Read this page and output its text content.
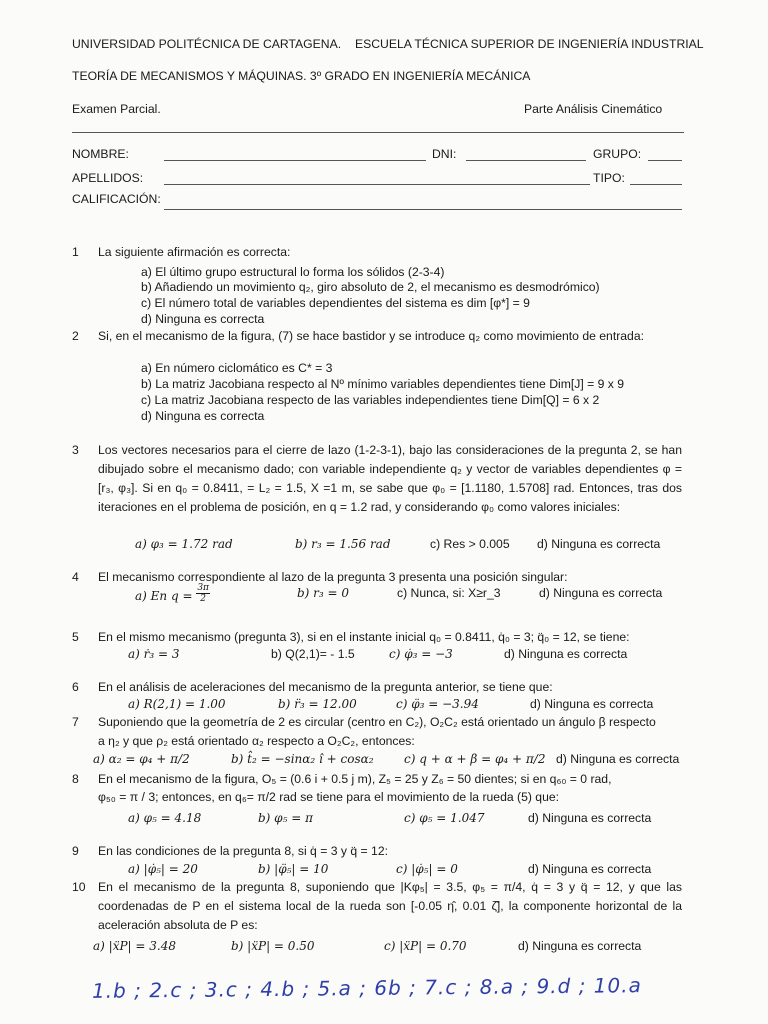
UNIVERSIDAD POLITÉCNICA DE CARTAGENA. ESCUELA TÉCNICA SUPERIOR DE INGENIERÍA INDUSTRIAL
TEORÍA DE MECANISMOS Y MÁQUINAS. 3º GRADO EN INGENIERÍA MECÁNICA
Examen Parcial.	Parte Análisis Cinemático
NOMBRE:	DNI:	GRUPO:
APELLIDOS:	TIPO:
CALIFICACIÓN:
1 La siguiente afirmación es correcta:
a) El último grupo estructural lo forma los sólidos (2-3-4)
b) Añadiendo un movimiento q₂, giro absoluto de 2, el mecanismo es desmodrómico)
c) El número total de variables dependientes del sistema es dim [φ*] = 9
d) Ninguna es correcta
2 Si, en el mecanismo de la figura, (7) se hace bastidor y se introduce q₂ como movimiento de entrada:
a) En número ciclomático es C* = 3
b) La matriz Jacobiana respecto al Nº mínimo variables dependientes tiene Dim[J] = 9 x 9
c) La matriz Jacobiana respecto de las variables independientes tiene Dim[Q] = 6 x 2
d) Ninguna es correcta
3 Los vectores necesarios para el cierre de lazo (1-2-3-1), bajo las consideraciones de la pregunta 2, se han dibujado sobre el mecanismo dado; con variable independiente q₂ y vector de variables dependientes φ = [r₃, φ₃]. Si en q₀ = 0.8411, = L₂ = 1.5, X =1 m, se sabe que φ₀ = [1.1180, 1.5708] rad. Entonces, tras dos iteraciones en el problema de posición, en q = 1.2 rad, y considerando φ₀ como valores iniciales:
a) φ₃ = 1.72 rad	b) r₃ = 1.56 rad	c) Res > 0.005 d) Ninguna es correcta
4 El mecanismo correspondiente al lazo de la pregunta 3 presenta una posición singular:
a) En $q = \frac{3\pi}{2}$	b) r₃ = 0	c) Nunca, si: X≥r_3	d) Ninguna es correcta
5 En el mismo mecanismo (pregunta 3), si en el instante inicial q₀ = 0.8411, q̇₀ = 3; q̈₀ = 12, se tiene:
a) ṙ₃ = 3	b) Q(2,1)= - 1.5	c) φ̇₃ = −3	d) Ninguna es correcta
6 En el análisis de aceleraciones del mecanismo de la pregunta anterior, se tiene que:
a) R(2,1) = 1.00	b) r̈₃ = 12.00	c) φ̈₃ = −3.94	d) Ninguna es correcta
7 Suponiendo que la geometría de 2 es circular (centro en C₂), O₂C₂ está orientado un ángulo β respecto
a η₂ y que ρ₂ está orientado α₂ respecto a O₂C₂, entonces:
a) α₂ = φ₄ + π/2	b) t̂₂ = −sinα₂ î + cosα₂	c) q + α + β = φ₄ + π/2 d) Ninguna es correcta
8 En el mecanismo de la figura, O₅ = (0.6 i + 0.5 j m), Z₅ = 25 y Z₆ = 50 dientes; si en q₆₀ = 0 rad,
φ₅₀ = π / 3; entonces, en q₆= π/2 rad se tiene para el movimiento de la rueda (5) que:
a) φ₅ = 4.18	b) φ₅ = π	c) φ₅ = 1.047	d) Ninguna es correcta
9 En las condiciones de la pregunta 8, si q̇ = 3 y q̈ = 12:
a) |φ̇₅| = 20	b) |φ̈₅| = 10	c) |φ̇₅| = 0	d) Ninguna es correcta
10 En el mecanismo de la pregunta 8, suponiendo que |Kφ₅| = 3.5, φ₅ = π/4, q̇ = 3 y q̈ = 12, y que las coordenadas de P en el sistema local de la rueda son [-0.05 η̂, 0.01 ζ̂], la componente horizontal de la aceleración absoluta de P es:
a) |ẍP| = 3.48	b) |ẍP| = 0.50	c) |ẍP| = 0.70	d) Ninguna es correcta
1.b ; 2.c ; 3.c ; 4.b ; 5.a ; 6b ; 7.c ; 8.a ; 9.d ; 10.a
